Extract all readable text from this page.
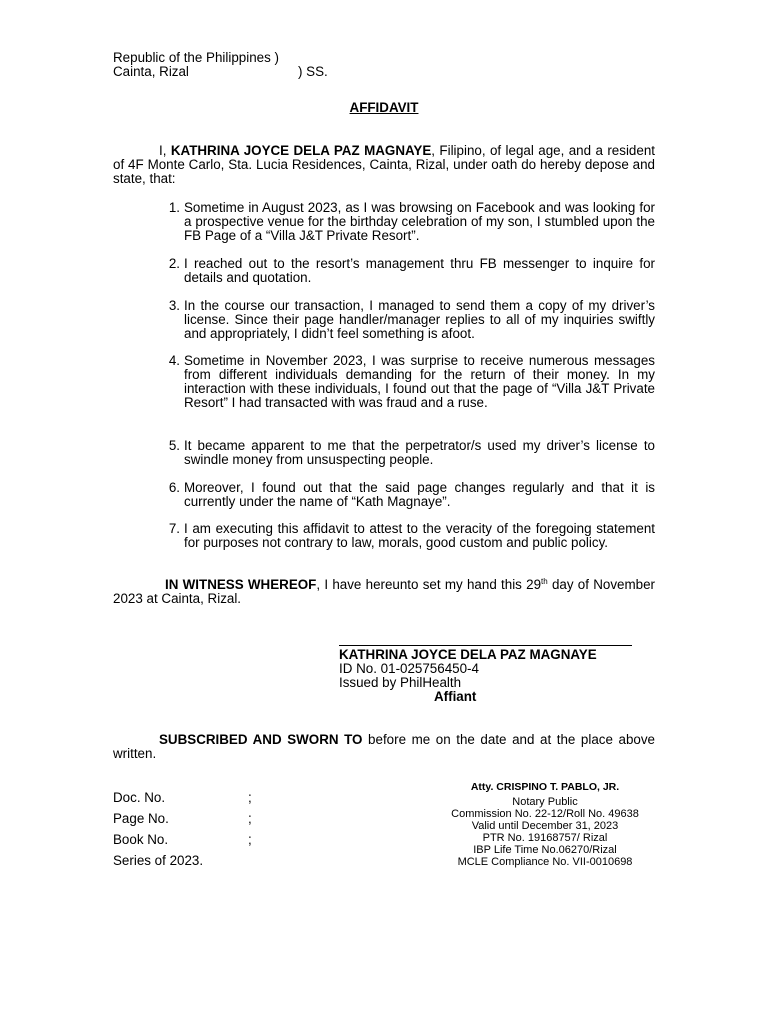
Republic of the Philippines )
Cainta, Rizal	) SS.
AFFIDAVIT
I, KATHRINA JOYCE DELA PAZ MAGNAYE, Filipino, of legal age, and a resident of 4F Monte Carlo, Sta. Lucia Residences, Cainta, Rizal, under oath do hereby depose and state, that:
1. Sometime in August 2023, as I was browsing on Facebook and was looking for a prospective venue for the birthday celebration of my son, I stumbled upon the FB Page of a “Villa J&T Private Resort”.
2. I reached out to the resort’s management thru FB messenger to inquire for details and quotation.
3. In the course our transaction, I managed to send them a copy of my driver’s license. Since their page handler/manager replies to all of my inquiries swiftly and appropriately, I didn’t feel something is afoot.
4. Sometime in November 2023, I was surprise to receive numerous messages from different individuals demanding for the return of their money. In my interaction with these individuals, I found out that the page of “Villa J&T Private Resort” I had transacted with was fraud and a ruse.
5. It became apparent to me that the perpetrator/s used my driver’s license to swindle money from unsuspecting people.
6. Moreover, I found out that the said page changes regularly and that it is currently under the name of “Kath Magnaye”.
7. I am executing this affidavit to attest to the veracity of the foregoing statement for purposes not contrary to law, morals, good custom and public policy.
IN WITNESS WHEREOF, I have hereunto set my hand this 29th day of November 2023 at Cainta, Rizal.
KATHRINA JOYCE DELA PAZ MAGNAYE
ID No. 01-025756450-4
Issued by PhilHealth
Affiant
SUBSCRIBED AND SWORN TO before me on the date and at the place above written.
Doc. No.	;
Page No.	;
Book No.	;
Series of 2023.
Atty. CRISPINO T. PABLO, JR.
Notary Public
Commission No. 22-12/Roll No. 49638
Valid until December 31, 2023
PTR No. 19168757/ Rizal
IBP Life Time No.06270/Rizal
MCLE Compliance No. VII-0010698
